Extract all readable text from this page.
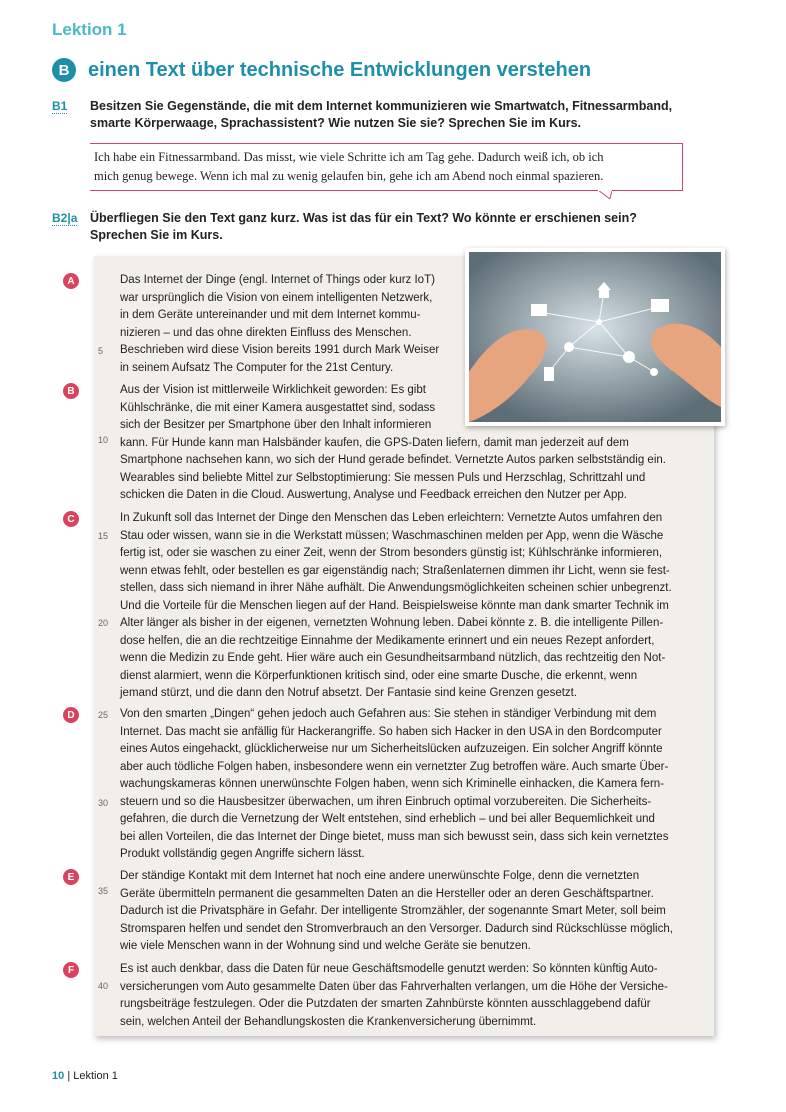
Lektion 1
B einen Text über technische Entwicklungen verstehen
B1	Besitzen Sie Gegenstände, die mit dem Internet kommunizieren wie Smartwatch, Fitnessarmband,
smarte Körperwaage, Sprachassistent? Wie nutzen Sie sie? Sprechen Sie im Kurs.
Ich habe ein Fitnessarmband. Das misst, wie viele Schritte ich am Tag gehe. Dadurch weiß ich, ob ich
mich genug bewege. Wenn ich mal zu wenig gelaufen bin, gehe ich am Abend noch einmal spazieren.
B2|a	Überfliegen Sie den Text ganz kurz. Was ist das für ein Text? Wo könnte er erschienen sein?
Sprechen Sie im Kurs.
A	Das Internet der Dinge (engl. Internet of Things oder kurz IoT)
war ursprünglich die Vision von einem intelligenten Netzwerk,
in dem Geräte untereinander und mit dem Internet kommu-
nizieren – und das ohne direkten Einfluss des Menschen.
Beschrieben wird diese Vision bereits 1991 durch Mark Weiser
in seinem Aufsatz The Computer for the 21st Century.
B	Aus der Vision ist mittlerweile Wirklichkeit geworden: Es gibt
Kühlschränke, die mit einer Kamera ausgestattet sind, sodass
sich der Besitzer per Smartphone über den Inhalt informieren
kann. Für Hunde kann man Halsbänder kaufen, die GPS-Daten liefern, damit man jederzeit auf dem
Smartphone nachsehen kann, wo sich der Hund gerade befindet. Vernetzte Autos parken selbstständig ein.
Wearables sind beliebte Mittel zur Selbstoptimierung: Sie messen Puls und Herzschlag, Schrittzahl und
schicken die Daten in die Cloud. Auswertung, Analyse und Feedback erreichen den Nutzer per App.
C	In Zukunft soll das Internet der Dinge den Menschen das Leben erleichtern: Vernetzte Autos umfahren den
Stau oder wissen, wann sie in die Werkstatt müssen; Waschmaschinen melden per App, wenn die Wäsche
fertig ist, oder sie waschen zu einer Zeit, wenn der Strom besonders günstig ist; Kühlschränke informieren,
wenn etwas fehlt, oder bestellen es gar eigenständig nach; Straßenlaternen dimmen ihr Licht, wenn sie fest-
stellen, dass sich niemand in ihrer Nähe aufhält. Die Anwendungsmöglichkeiten scheinen schier unbegrenzt.
Und die Vorteile für die Menschen liegen auf der Hand. Beispielsweise könnte man dank smarter Technik im
Alter länger als bisher in der eigenen, vernetzten Wohnung leben. Dabei könnte z. B. die intelligente Pillen-
dose helfen, die an die rechtzeitige Einnahme der Medikamente erinnert und ein neues Rezept anfordert,
wenn die Medizin zu Ende geht. Hier wäre auch ein Gesundheitsarmband nützlich, das rechtzeitig den Not-
dienst alarmiert, wenn die Körperfunktionen kritisch sind, oder eine smarte Dusche, die erkennt, wenn
jemand stürzt, und die dann den Notruf absetzt. Der Fantasie sind keine Grenzen gesetzt.
D	Von den smarten „Dingen“ gehen jedoch auch Gefahren aus: Sie stehen in ständiger Verbindung mit dem
Internet. Das macht sie anfällig für Hackerangriffe. So haben sich Hacker in den USA in den Bordcomputer
eines Autos eingehackt, glücklicherweise nur um Sicherheitslücken aufzuzeigen. Ein solcher Angriff könnte
aber auch tödliche Folgen haben, insbesondere wenn ein vernetzter Zug betroffen wäre. Auch smarte Über-
wachungskameras können unerwünschte Folgen haben, wenn sich Kriminelle einhacken, die Kamera fern-
steuern und so die Hausbesitzer überwachen, um ihren Einbruch optimal vorzubereiten. Die Sicherheits-
gefahren, die durch die Vernetzung der Welt entstehen, sind erheblich – und bei aller Bequemlichkeit und
bei allen Vorteilen, die das Internet der Dinge bietet, muss man sich bewusst sein, dass sich kein vernetztes
Produkt vollständig gegen Angriffe sichern lässt.
E	Der ständige Kontakt mit dem Internet hat noch eine andere unerwünschte Folge, denn die vernetzten
Geräte übermitteln permanent die gesammelten Daten an die Hersteller oder an deren Geschäftspartner.
Dadurch ist die Privatsphäre in Gefahr. Der intelligente Stromzähler, der sogenannte Smart Meter, soll beim
Stromsparen helfen und sendet den Stromverbrauch an den Versorger. Dadurch sind Rückschlüsse möglich,
wie viele Menschen wann in der Wohnung sind und welche Geräte sie benutzen.
F	Es ist auch denkbar, dass die Daten für neue Geschäftsmodelle genutzt werden: So könnten künftig Auto-
versicherungen vom Auto gesammelte Daten über das Fahrverhalten verlangen, um die Höhe der Versiche-
rungsbeiträge festzulegen. Oder die Putzdaten der smarten Zahnbürste könnten ausschlaggebend dafür
sein, welchen Anteil der Behandlungskosten die Krankenversicherung übernimmt.
5
10
15
20
25
30
35
40
10 | Lektion 1
